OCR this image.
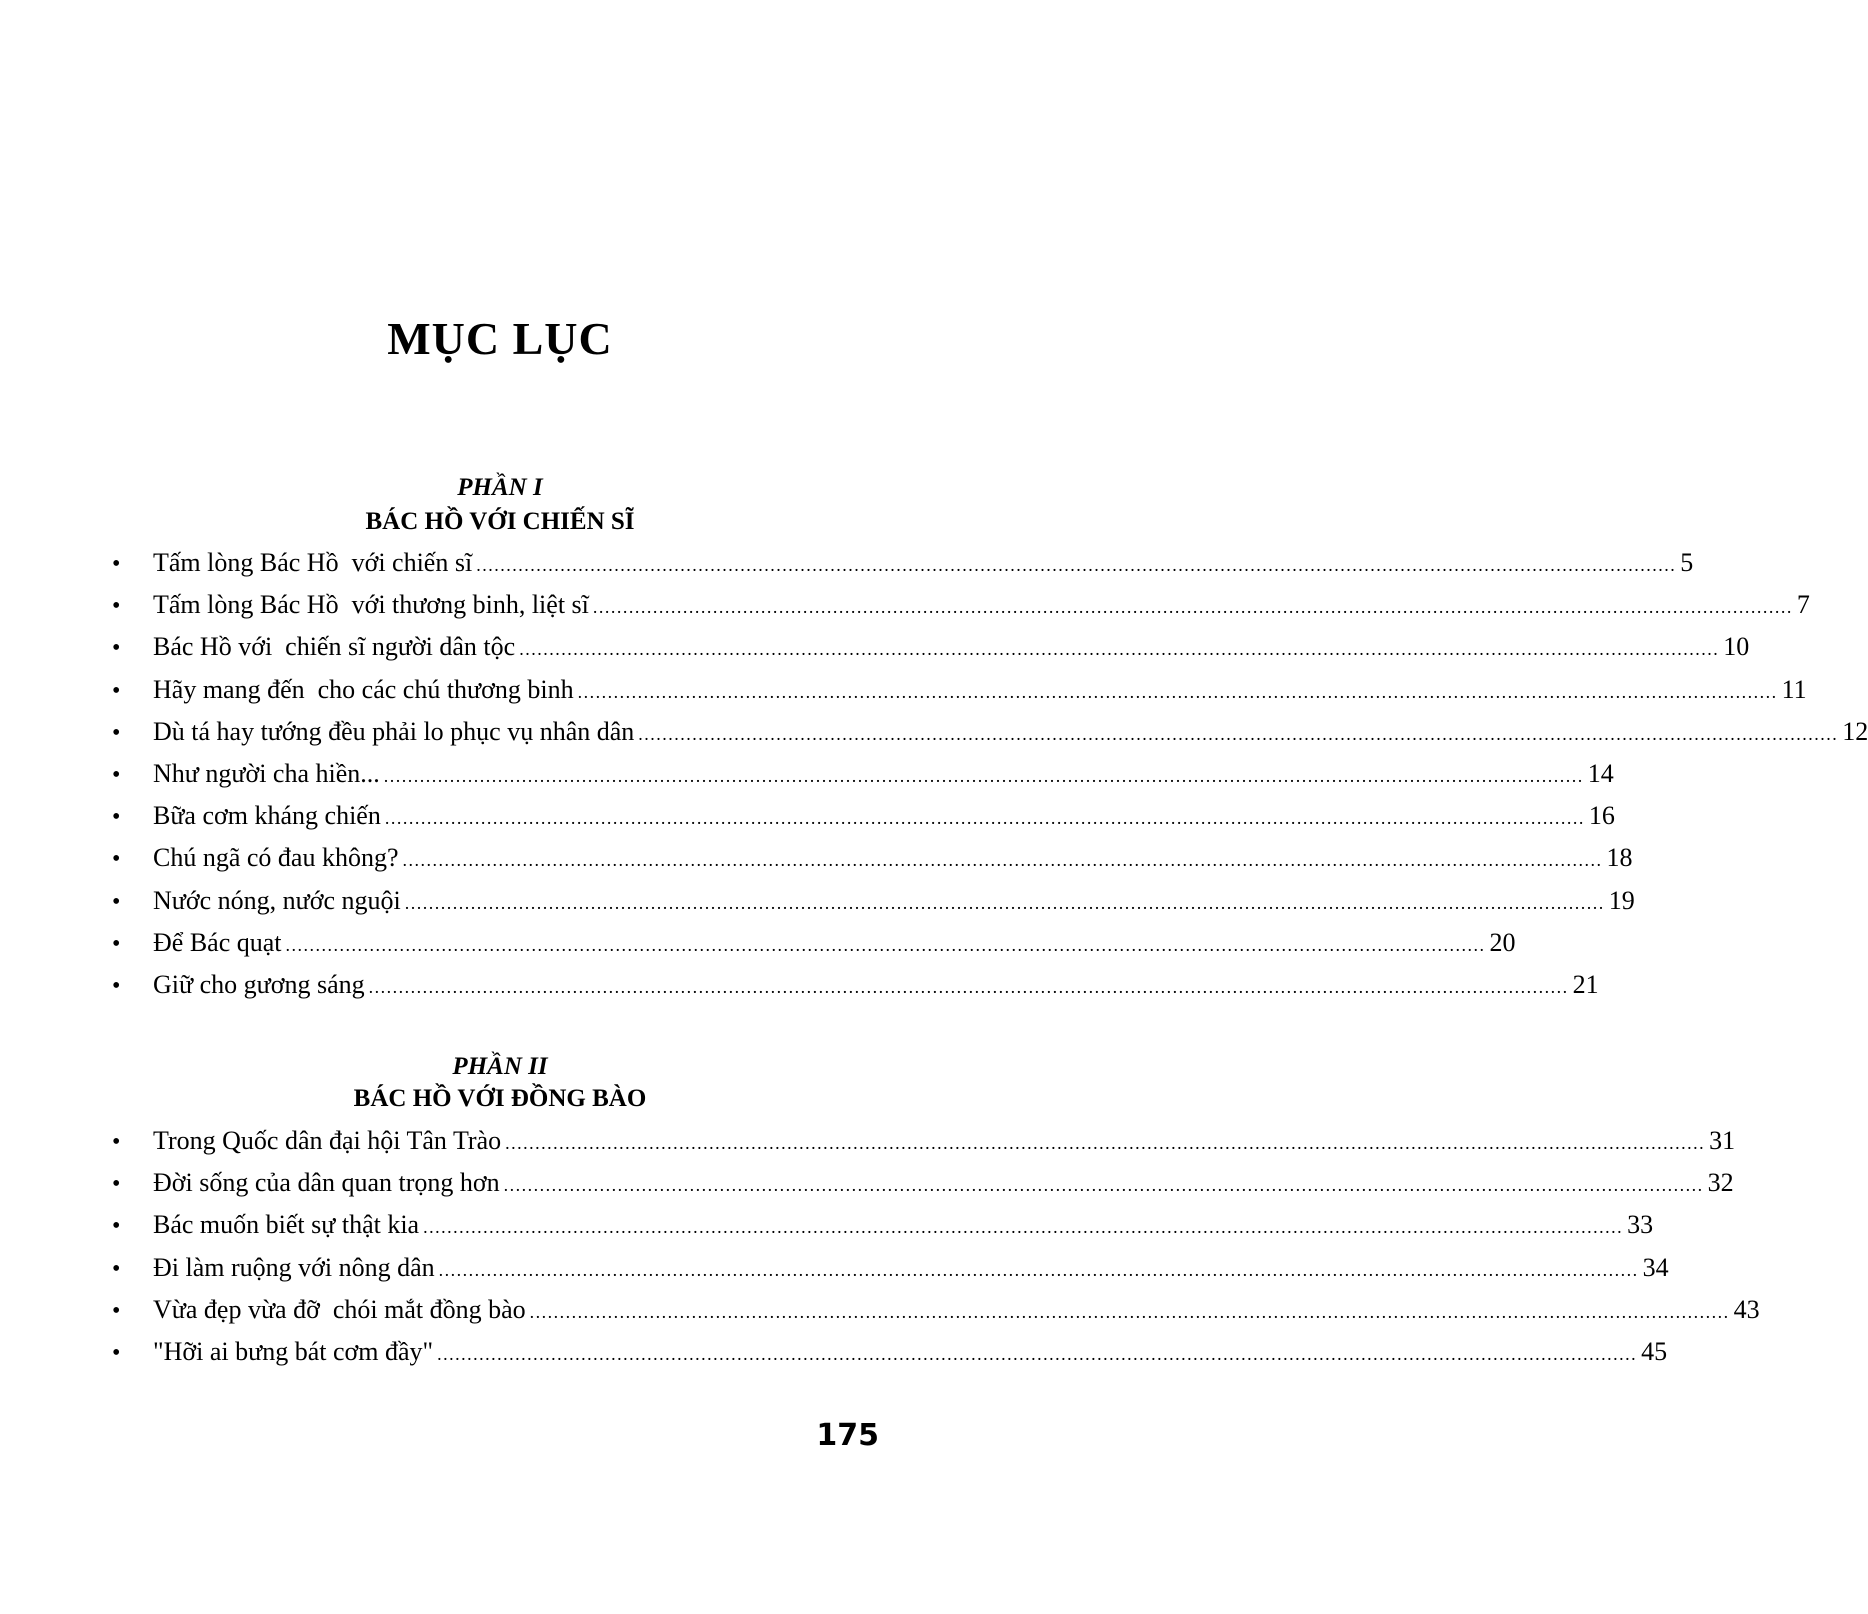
MỤC LỤC
PHẦN I
BÁC HỒ VỚI CHIẾN SĨ
•	Tấm lòng Bác Hồ  với chiến sĩ ........................................................................................................................................................................................................ 5
•	Tấm lòng Bác Hồ  với thương binh, liệt sĩ ........................................................................................................................................................................................................ 7
•	Bác Hồ với  chiến sĩ người dân tộc ........................................................................................................................................................................................................ 10
•	Hãy mang đến  cho các chú thương binh ........................................................................................................................................................................................................ 11
•	Dù tá hay tướng đều phải lo phục vụ nhân dân ........................................................................................................................................................................................................ 12
•	Như người cha hiền... ........................................................................................................................................................................................................ 14
•	Bữa cơm kháng chiến ........................................................................................................................................................................................................ 16
•	Chú ngã có đau không? ........................................................................................................................................................................................................ 18
•	Nước nóng, nước nguội ........................................................................................................................................................................................................ 19
•	Để Bác quạt ........................................................................................................................................................................................................ 20
•	Giữ cho gương sáng ........................................................................................................................................................................................................ 21
PHẦN II
BÁC HỒ VỚI ĐỒNG BÀO
•	Trong Quốc dân đại hội Tân Trào ........................................................................................................................................................................................................ 31
•	Đời sống của dân quan trọng hơn ........................................................................................................................................................................................................ 32
•	Bác muốn biết sự thật kia ........................................................................................................................................................................................................ 33
•	Đi làm ruộng với nông dân ........................................................................................................................................................................................................ 34
•	Vừa đẹp vừa đỡ  chói mắt đồng bào ........................................................................................................................................................................................................ 43
•	"Hỡi ai bưng bát cơm đầy" ........................................................................................................................................................................................................ 45
175
